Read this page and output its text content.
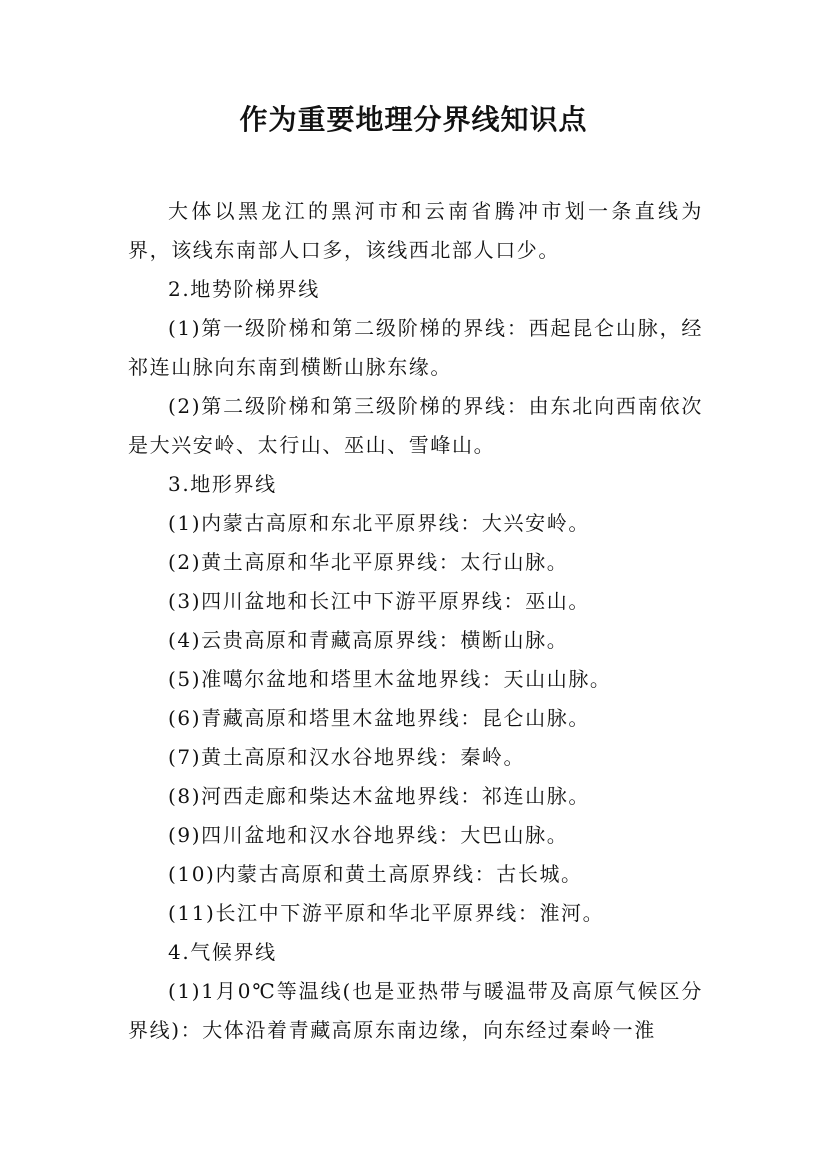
作为重要地理分界线知识点

大体以黑龙江的黑河市和云南省腾冲市划一条直线为界，该线东南部人口多，该线西北部人口少。

2.地势阶梯界线

(1)第一级阶梯和第二级阶梯的界线：西起昆仑山脉，经祁连山脉向东南到横断山脉东缘。

(2)第二级阶梯和第三级阶梯的界线：由东北向西南依次是大兴安岭、太行山、巫山、雪峰山。

3.地形界线

(1)内蒙古高原和东北平原界线：大兴安岭。

(2)黄土高原和华北平原界线：太行山脉。

(3)四川盆地和长江中下游平原界线：巫山。

(4)云贵高原和青藏高原界线：横断山脉。

(5)准噶尔盆地和塔里木盆地界线：天山山脉。

(6)青藏高原和塔里木盆地界线：昆仑山脉。

(7)黄土高原和汉水谷地界线：秦岭。

(8)河西走廊和柴达木盆地界线：祁连山脉。

(9)四川盆地和汉水谷地界线：大巴山脉。

(10)内蒙古高原和黄土高原界线：古长城。

(11)长江中下游平原和华北平原界线：淮河。

4.气候界线

(1)1月0℃等温线(也是亚热带与暖温带及高原气候区分界线)：大体沿着青藏高原东南边缘，向东经过秦岭一淮
